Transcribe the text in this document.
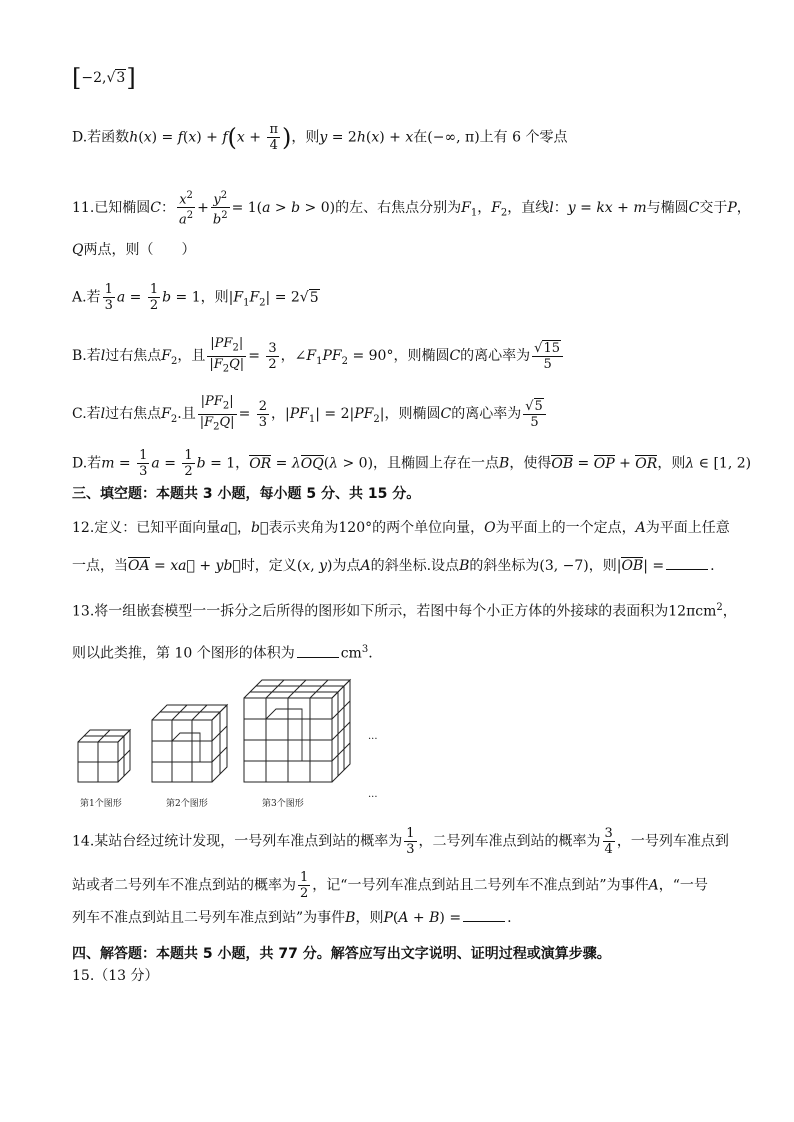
[−2,√3]
D.若函数$h(x) = f(x) + f(x + \frac{\pi}{4}$ )，则y = 2h(x) + x在(−∞, π)上有 6 个零点
11.已知椭圆C： $\frac{x^2}{a^2} + \frac{y^2}{b^2} = 1(a > b > 0)$的左、右焦点分别为$F_1$，$F_2$，直线l：y = kx + m与椭圆C交于P，
Q两点，则（　　）
A.若 $\frac{1}{3}$ $a = \frac{1}{2}$ b = 1，则$|F_1F_2| = 2√5$
B.若l过右焦点$F_2$，且 $\frac{|PF_2|}{|F_2Q|} = \frac{3}{2}$ ，$\angle F_1PF_2 = 90^\circ$，则椭圆C的离心率为 $\frac{√15}{5}$
C.若l过右焦点$F_2$.且 $\frac{|PF_2|}{|F_2Q|} = \frac{2}{3}$ ，$|PF_1| = 2|PF_2|$，则椭圆C的离心率为 $\frac{√5}{5}$
D.若$m = \frac{1}{3}$ $a = \frac{1}{2}$ b = 1，OR = λOQ(λ > 0)，且椭圆上存在一点B，使得OB = OP + OR，则λ ∈ [1, 2)
三、填空题：本题共 3 小题，每小题 5 分、共 15 分。
12.定义：已知平面向量a⃗，b⃗表示夹角为120°的两个单位向量，O为平面上的一个定点，A为平面上任意
一点，当OA = xa⃗ + yb⃗时，定义(x, y)为点A的斜坐标.设点B的斜坐标为(3, −7)，则|OB| =	.
13.将一组嵌套模型一一拆分之后所得的图形如下所示，若图中每个小正方体的外接球的表面积为12πcm$^2$，
则以此类推，第 10 个图形的体积为	$cm^3$.
···
第1个图形	第2个图形	第3个图形
···
14.某站台经过统计发现，一号列车准点到站的概率为 $\frac{1}{3}$ ，二号列车准点到站的概率为 $\frac{3}{4}$ ，一号列车准点到
站或者二号列车不准点到站的概率为 $\frac{1}{2}$ ，记“一号列车准点到站且二号列车不准点到站”为事件A，“一号
列车不准点到站且二号列车准点到站”为事件B，则P(A + B) =	.
四、解答题：本题共 5 小题，共 77 分。解答应写出文字说明、证明过程或演算步骤。
15.（13 分）
